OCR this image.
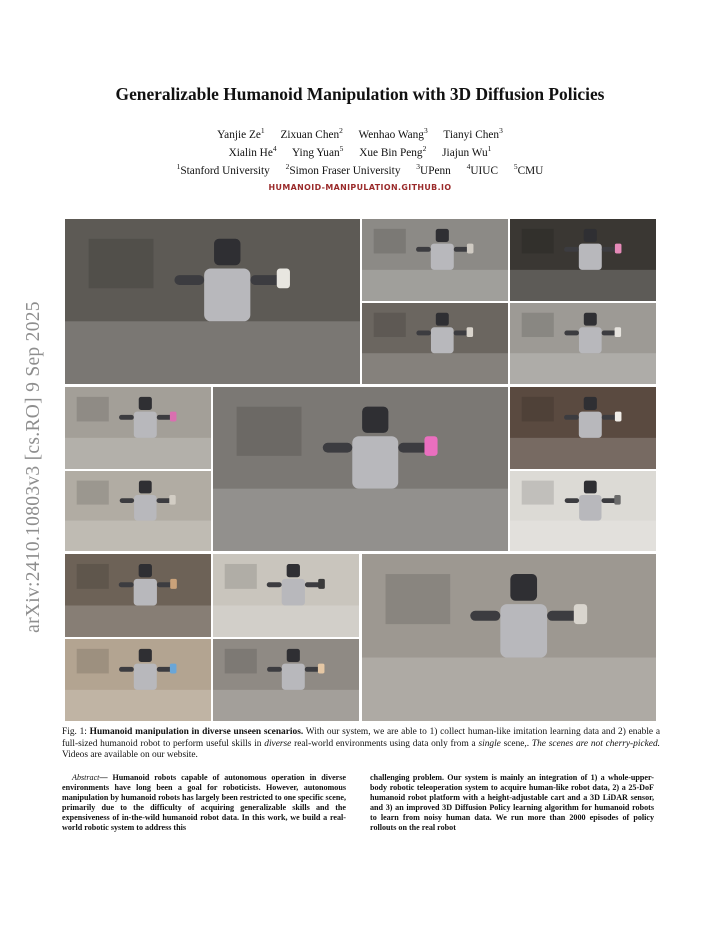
arXiv:2410.10803v3 [cs.RO] 9 Sep 2025
Generalizable Humanoid Manipulation with 3D Diffusion Policies
Yanjie Ze$^1$ Zixuan Chen$^2$ Wenhao Wang$^3$ Tianyi Chen$^3$
Xialin He$^4$ Ying Yuan$^5$ Xue Bin Peng$^2$ Jiajun Wu$^1$
$^1$Stanford University $^2$Simon Fraser University $^3$UPenn $^4$UIUC $^5$CMU
HUMANOID-MANIPULATION.GITHUB.IO
Fig. 1: Humanoid manipulation in diverse unseen scenarios. With our system, we are able to 1) collect human-like imitation learning data and 2) enable a full-sized humanoid robot to perform useful skills in diverse real-world environments using data only from a single scene,. The scenes are not cherry-picked. Videos are available on our website.
Abstract— Humanoid robots capable of autonomous operation in diverse environments have long been a goal for roboticists. However, autonomous manipulation by humanoid robots has largely been restricted to one specific scene, primarily due to the difficulty of acquiring generalizable skills and the expensiveness of in-the-wild humanoid robot data. In this work, we build a real-world robotic system to address this
challenging problem. Our system is mainly an integration of 1) a whole-upper-body robotic teleoperation system to acquire human-like robot data, 2) a 25-DoF humanoid robot platform with a height-adjustable cart and a 3D LiDAR sensor, and 3) an improved 3D Diffusion Policy learning algorithm for humanoid robots to learn from noisy human data. We run more than 2000 episodes of policy rollouts on the real robot
